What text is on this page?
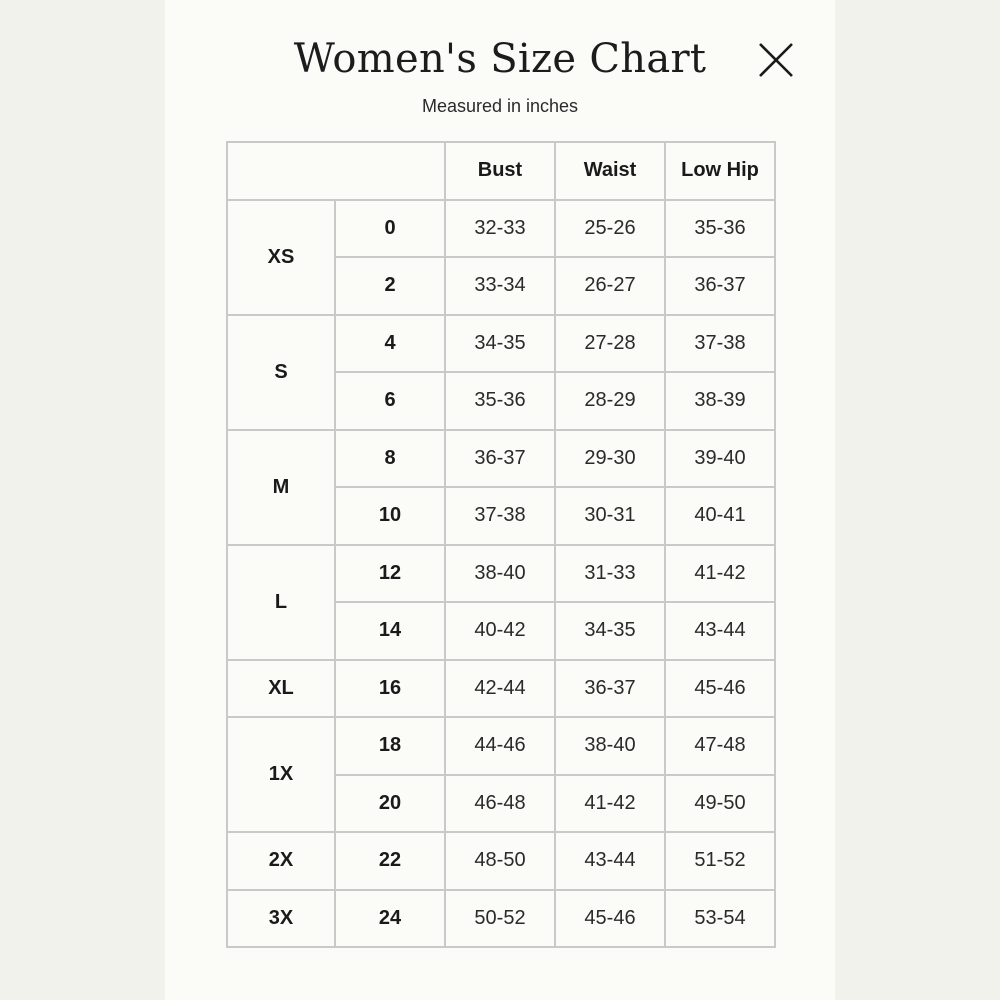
Women's Size Chart
Measured in inches
		Bust	Waist	Low Hip
XS	0	32-33	25-26	35-36
	2	33-34	26-27	36-37
S	4	34-35	27-28	37-38
	6	35-36	28-29	38-39
M	8	36-37	29-30	39-40
	10	37-38	30-31	40-41
L	12	38-40	31-33	41-42
	14	40-42	34-35	43-44
XL	16	42-44	36-37	45-46
1X	18	44-46	38-40	47-48
	20	46-48	41-42	49-50
2X	22	48-50	43-44	51-52
3X	24	50-52	45-46	53-54
